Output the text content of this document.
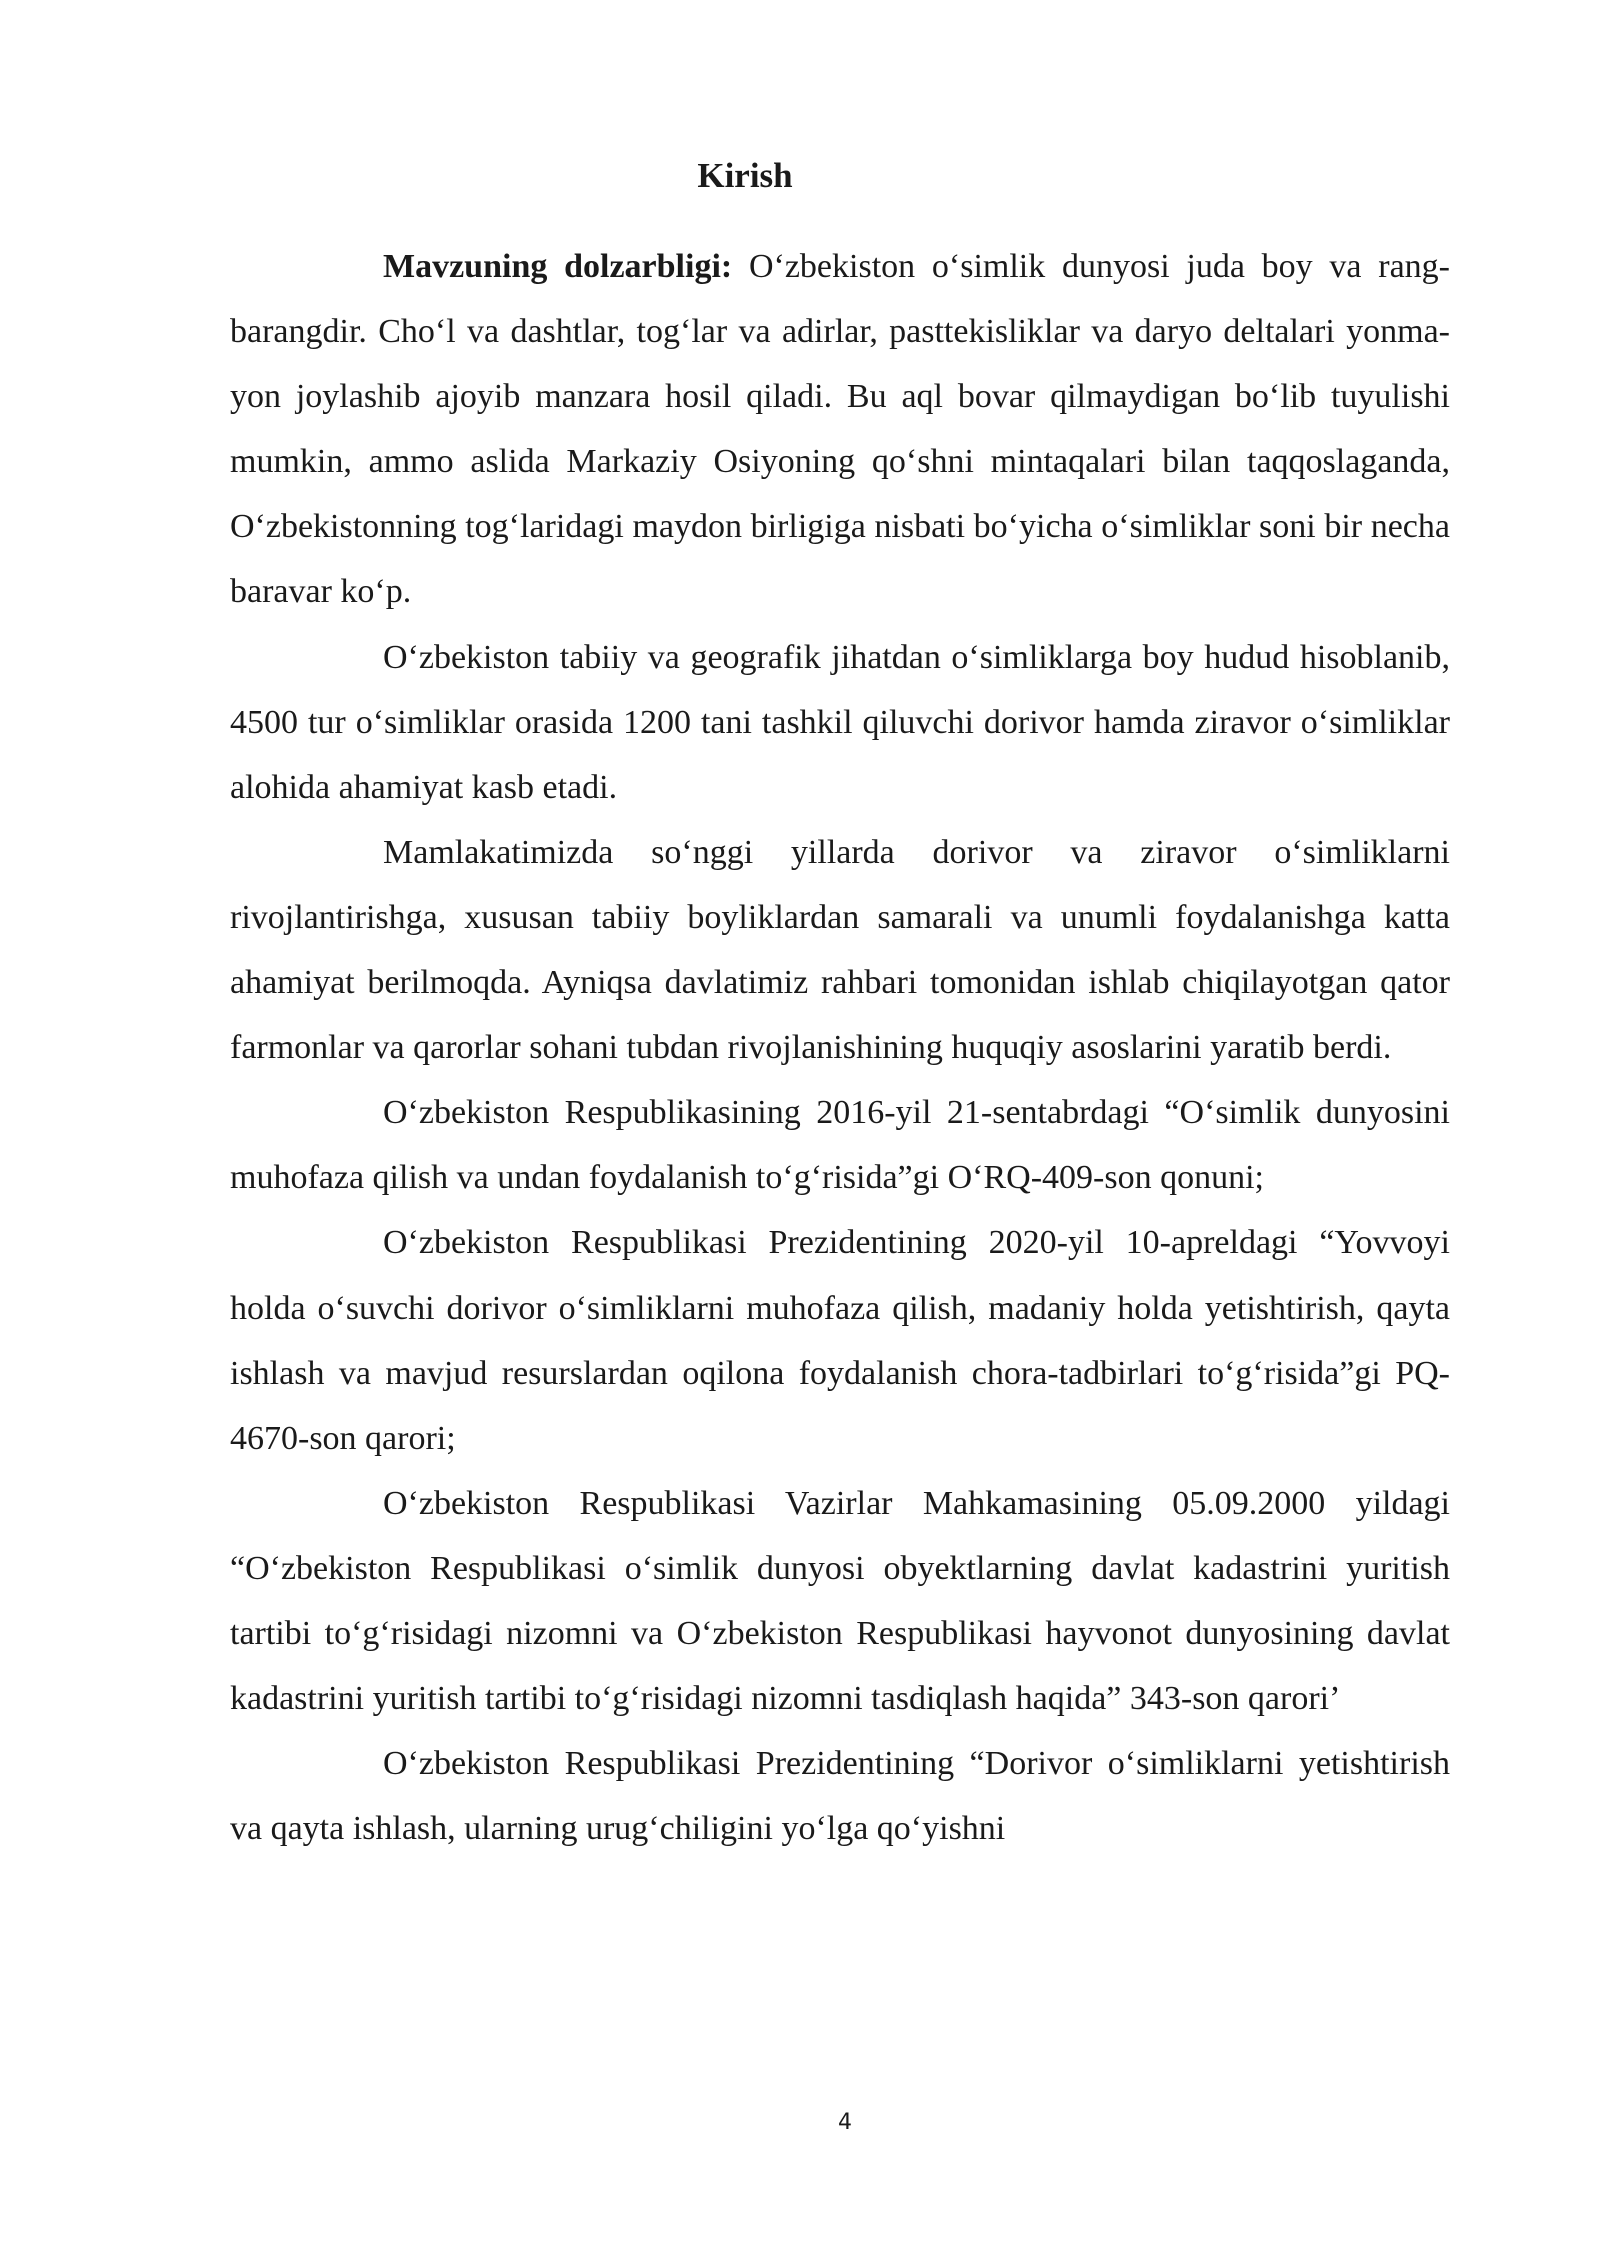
Kirish

Mavzuning dolzarbligi: O‘zbekiston o‘simlik dunyosi juda boy va rang-barangdir. Cho‘l va dashtlar, tog‘lar va adirlar, pasttekisliklar va daryo deltalari yonma-yon joylashib ajoyib manzara hosil qiladi. Bu aql bovar qilmaydigan bo‘lib tuyulishi mumkin, ammo aslida Markaziy Osiyoning qo‘shni mintaqalari bilan taqqoslaganda, O‘zbekistonning tog‘laridagi maydon birligiga nisbati bo‘yicha o‘simliklar soni bir necha baravar ko‘p.

O‘zbekiston tabiiy va geografik jihatdan o‘simliklarga boy hudud hisoblanib, 4500 tur o‘simliklar orasida 1200 tani tashkil qiluvchi dorivor hamda ziravor o‘simliklar alohida ahamiyat kasb etadi.

Mamlakatimizda so‘nggi yillarda dorivor va ziravor o‘simliklarni rivojlantirishga, xususan tabiiy boyliklardan samarali va unumli foydalanishga katta ahamiyat berilmoqda. Ayniqsa davlatimiz rahbari tomonidan ishlab chiqilayotgan qator farmonlar va qarorlar sohani tubdan rivojlanishining huquqiy asoslarini yaratib berdi.

O‘zbekiston Respublikasining 2016-yil 21-sentabrdagi “O‘simlik dunyosini muhofaza qilish va undan foydalanish to‘g‘risida”gi O‘RQ-409-son qonuni;

O‘zbekiston Respublikasi Prezidentining 2020-yil 10-apreldagi “Yovvoyi holda o‘suvchi dorivor o‘simliklarni muhofaza qilish, madaniy holda yetishtirish, qayta ishlash va mavjud resurslardan oqilona foydalanish chora-tadbirlari to‘g‘risida”gi PQ-4670-son qarori;

O‘zbekiston Respublikasi Vazirlar Mahkamasining 05.09.2000 yildagi “O‘zbekiston Respublikasi o‘simlik dunyosi obyektlarning davlat kadastrini yuritish tartibi to‘g‘risidagi nizomni va O‘zbekiston Respublikasi hayvonot dunyosining davlat kadastrini yuritish tartibi to‘g‘risidagi nizomni tasdiqlash haqida” 343-son qarori’

O‘zbekiston Respublikasi Prezidentining “Dorivor o‘simliklarni yetishtirish va qayta ishlash, ularning urug‘chiligini yo‘lga qo‘yishni

4
